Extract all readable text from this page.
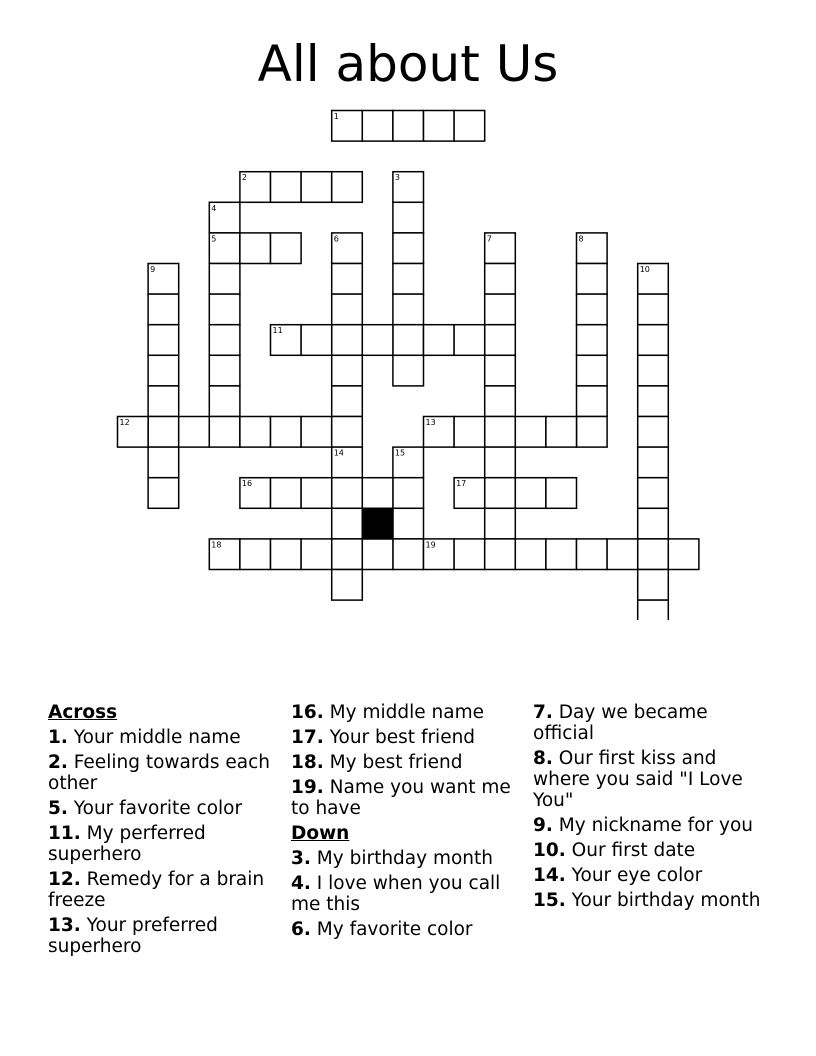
All about Us
1
2	3
4
5	6	7	8
9	10
11
12	13
14	15
16	17
18	19
Across
1. Your middle name
2. Feeling towards each other
5. Your favorite color
11. My perferred superhero
12. Remedy for a brain freeze
13. Your preferred superhero
16. My middle name
17. Your best friend
18. My best friend
19. Name you want me to have
Down
3. My birthday month
4. I love when you call me this
6. My favorite color
7. Day we became official
8. Our first kiss and where you said "I Love You"
9. My nickname for you
10. Our first date
14. Your eye color
15. Your birthday month
